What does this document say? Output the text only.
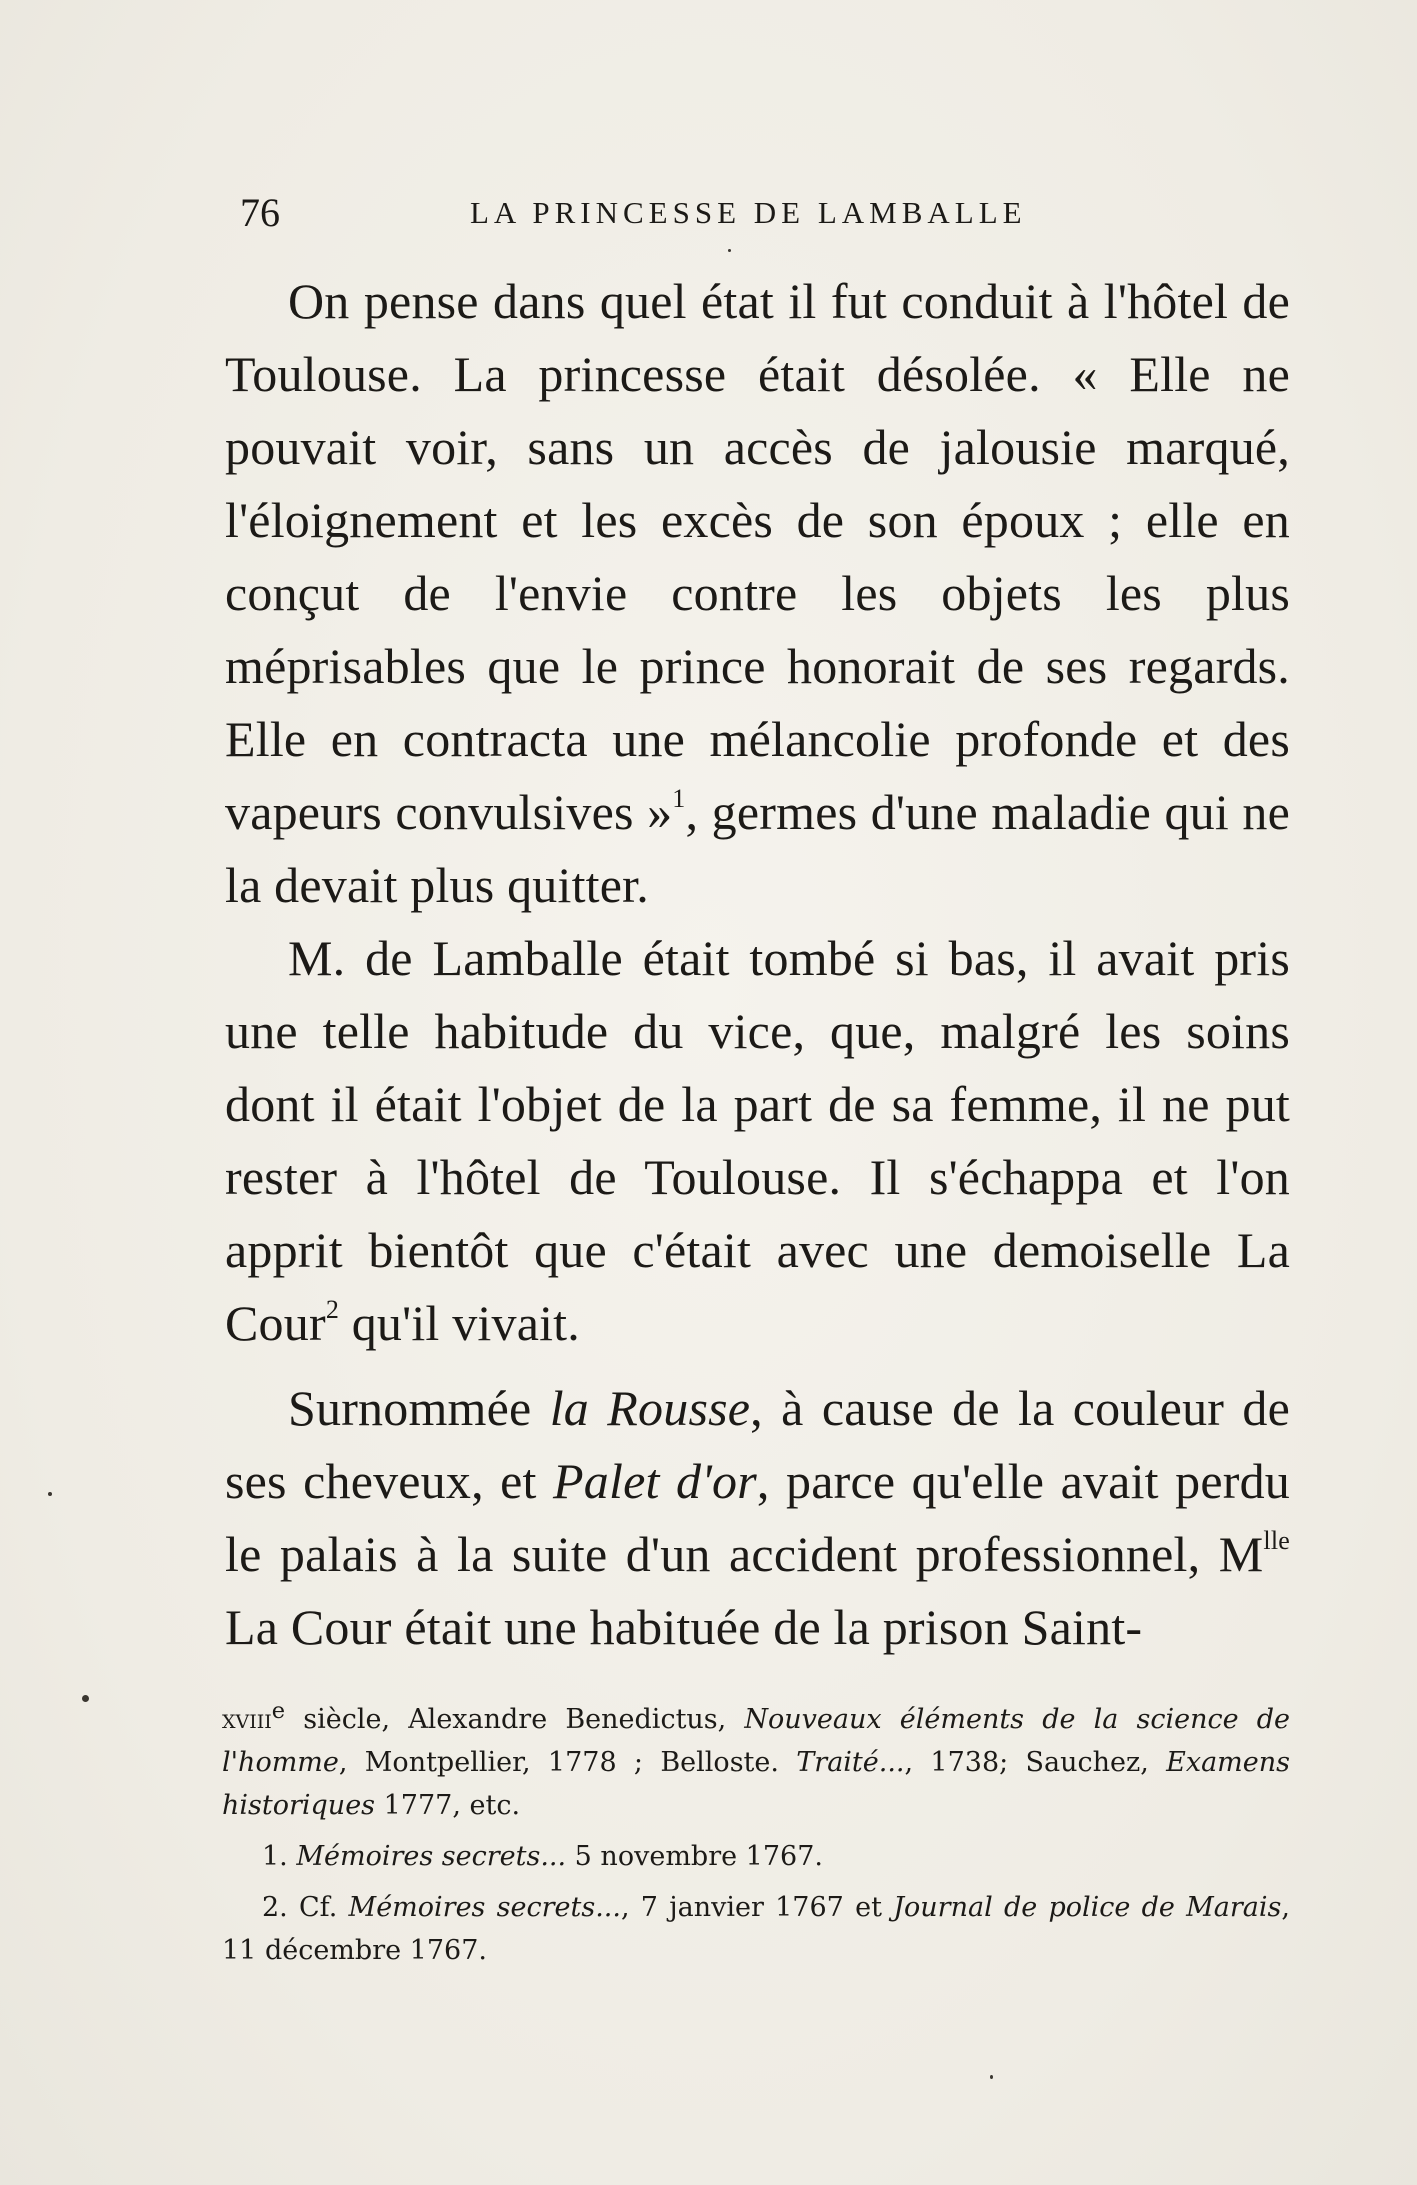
76	LA PRINCESSE DE LAMBALLE

On pense dans quel état il fut conduit à l'hôtel de Toulouse. La princesse était désolée. « Elle ne pouvait voir, sans un accès de jalousie marqué, l'éloignement et les excès de son époux ; elle en conçut de l'envie contre les objets les plus méprisables que le prince honorait de ses regards. Elle en contracta une mélancolie profonde et des vapeurs convulsives »$^1$, germes d'une maladie qui ne la devait plus quitter.

M. de Lamballe était tombé si bas, il avait pris une telle habitude du vice, que, malgré les soins dont il était l'objet de la part de sa femme, il ne put rester à l'hôtel de Toulouse. Il s'échappa et l'on apprit bientôt que c'était avec une demoiselle La Cour$^2$ qu'il vivait.

Surnommée la Rousse, à cause de la couleur de ses cheveux, et Palet d'or, parce qu'elle avait perdu le palais à la suite d'un accident professionnel, $M^{lle}$ La Cour était une habituée de la prison Saint-

xviii$^e$ siècle, Alexandre Benedictus, Nouveaux éléments de la science de l'homme, Montpellier, 1778 ; Belloste. Traité..., 1738; Sauchez, Examens historiques 1777, etc.

1. Mémoires secrets... 5 novembre 1767.

2. Cf. Mémoires secrets..., 7 janvier 1767 et Journal de police de Marais, 11 décembre 1767.
